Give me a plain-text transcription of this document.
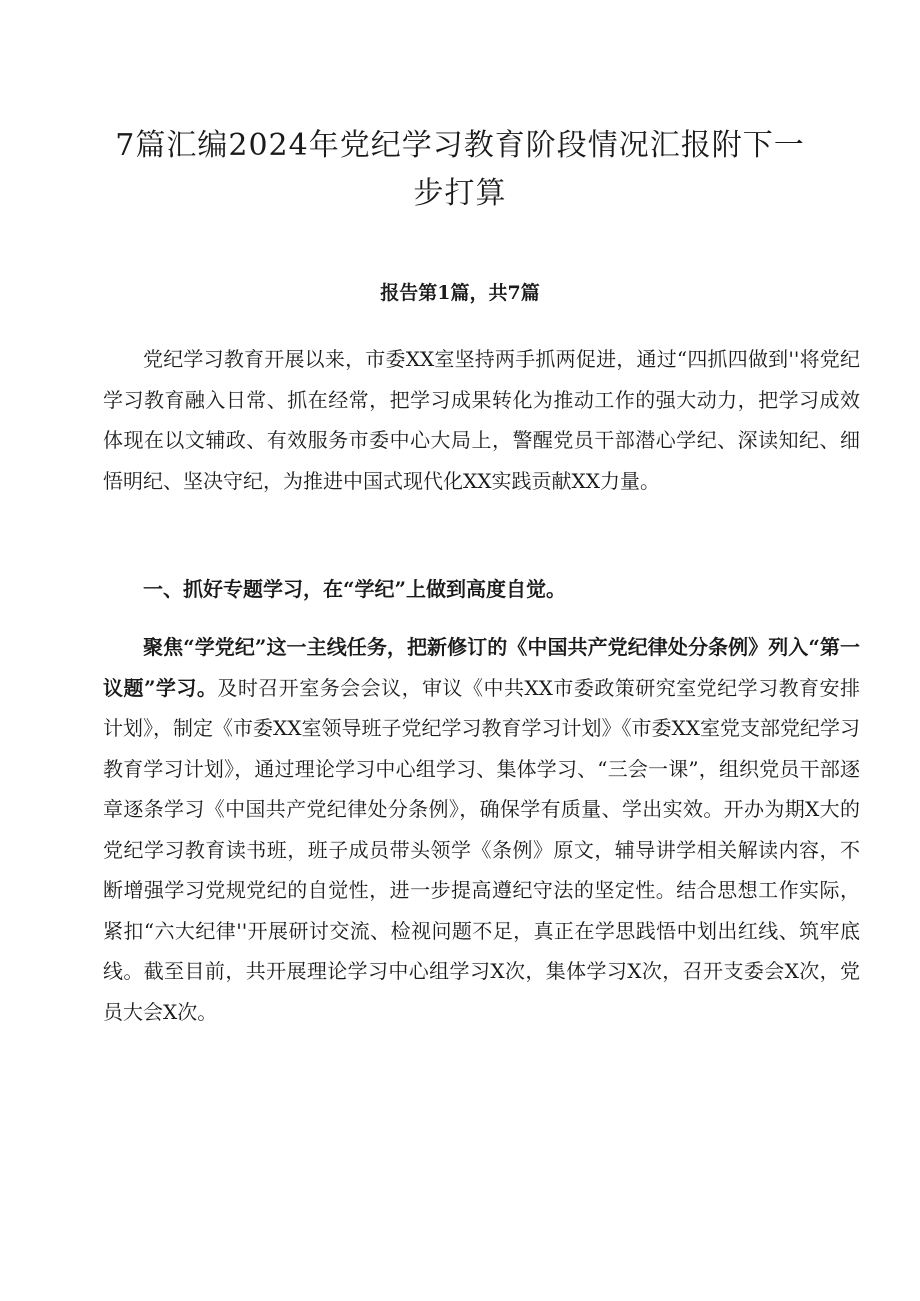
7篇汇编2024年党纪学习教育阶段情况汇报附下一步打算
报告第1篇，共7篇

党纪学习教育开展以来，市委XX室坚持两手抓两促进，通过“四抓四做到''将党纪学习教育融入日常、抓在经常，把学习成果转化为推动工作的强大动力，把学习成效体现在以文辅政、有效服务市委中心大局上，警醒党员干部潜心学纪、深读知纪、细悟明纪、坚决守纪，为推进中国式现代化XX实践贡献XX力量。

一、抓好专题学习，在“学纪”上做到高度自觉。

聚焦“学党纪”这一主线任务，把新修订的《中国共产党纪律处分条例》列入“第一议题”学习。及时召开室务会会议，审议《中共XX市委政策研究室党纪学习教育安排计划》，制定《市委XX室领导班子党纪学习教育学习计划》《市委XX室党支部党纪学习教育学习计划》，通过理论学习中心组学习、集体学习、“三会一课”，组织党员干部逐章逐条学习《中国共产党纪律处分条例》，确保学有质量、学出实效。开办为期X大的党纪学习教育读书班，班子成员带头领学《条例》原文，辅导讲学相关解读内容，不断增强学习党规党纪的自觉性，进一步提高遵纪守法的坚定性。结合思想工作实际，紧扣“六大纪律''开展研讨交流、检视问题不足，真正在学思践悟中划出红线、筑牢底线。截至目前，共开展理论学习中心组学习X次，集体学习X次，召开支委会X次，党员大会X次。
